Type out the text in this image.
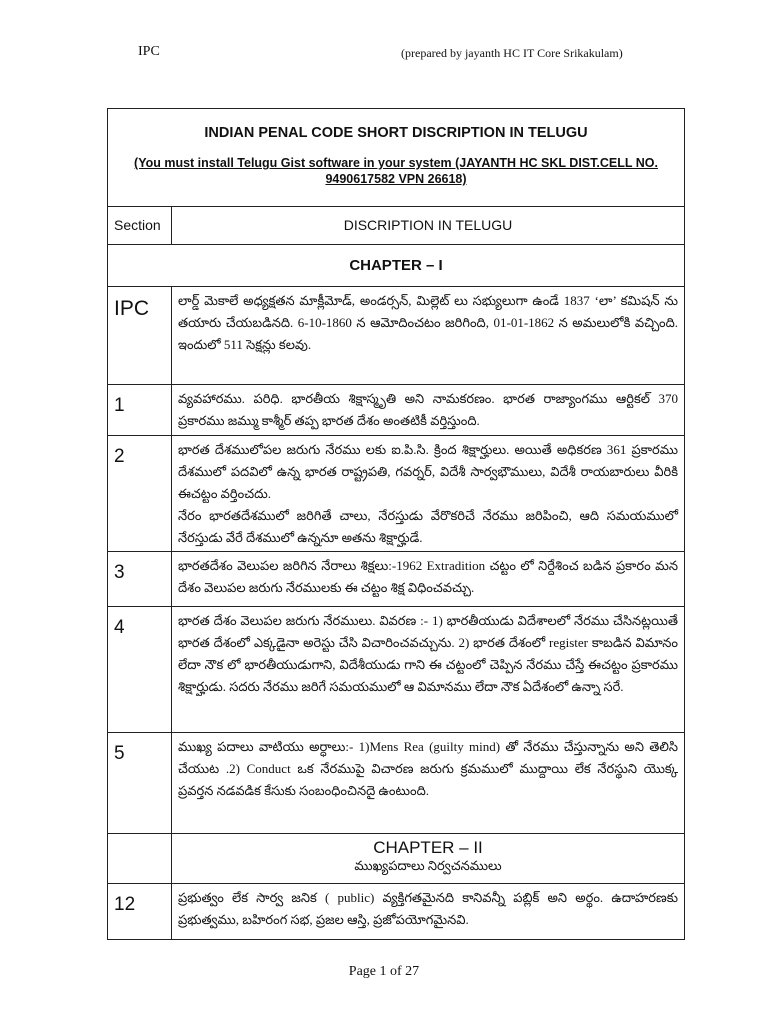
IPC	(prepared by jayanth HC IT Core Srikakulam)
INDIAN PENAL CODE SHORT DISCRIPTION IN TELUGU
(You must install Telugu Gist software in your system (JAYANTH HC SKL DIST.CELL NO. 9490617582 VPN 26618)	

Section	DISCRIPTION IN TELUGU

CHAPTER – I	

IPC	లార్డ్ మెకాలే అధ్యక్షతన మాక్లీమోడ్, అండర్సన్, మిల్లెట్ లు సభ్యులుగా ఉండే 1837 ‘లా’ కమిషన్ ను తయారు చేయబడినది. 6-10-1860 న ఆమోదించటం జరిగింది, 01-01-1862 న అమలులోకి వచ్చింది. ఇందులో 511 సెక్షన్లు కలవు.

1	వ్యవహారము. పరిధి. భారతీయ శిక్షాస్మృతి అని నామకరణం. భారత రాజ్యాంగము ఆర్టికల్ 370 ప్రకారము జమ్ము కాశ్మీర్ తప్ప భారత దేశం అంతటికీ వర్తిస్తుంది.

2	భారత దేశములోపల జరుగు నేరము లకు ఐ.పి.సి. క్రింద శిక్షార్హులు. అయితే అధికరణ 361 ప్రకారము దేశములో పదవిలో ఉన్న భారత రాష్ట్రపతి, గవర్నర్, విదేశీ సార్వభౌములు, విదేశీ రాయబారులు వీరికి ఈచట్టం వర్తించదు.

నేరం భారతదేశములో జరిగితే చాలు, నేరస్తుడు వేరొకరిచే నేరము జరిపించి, ఆది సమయములో నేరస్తుడు వేరే దేశములో ఉన్ననూ అతను శిక్షార్హుడే.

3	భారతదేశం వెలుపల జరిగిన నేరాలు శిక్షలు:-1962 Extradition చట్టం లో నిర్దేశించ బడిన ప్రకారం మన దేశం వెలుపల జరుగు నేరములకు ఈ చట్టం శిక్ష విధించవచ్చు.

4	భారత దేశం వెలుపల జరుగు నేరములు. వివరణ :- 1) భారతీయుడు విదేశాలలో నేరము చేసినట్లయితే భారత దేశంలో ఎక్కడైనా అరెస్టు చేసి విచారించవచ్చును. 2) భారత దేశంలో register కాబడిన విమానం లేదా నౌక లో భారతీయుడుగాని, విదేశీయుడు గాని ఈ చట్టంలో చెప్పిన నేరము చేస్తే ఈచట్టం ప్రకారము శిక్షార్హుడు. సదరు నేరము జరిగే సమయములో ఆ విమానము లేదా నౌక ఏదేశంలో ఉన్నా సరే.

5	ముఖ్య పదాలు వాటియు అర్ధాలు:- 1)Mens Rea (guilty mind) తో నేరము చేస్తున్నాను అని తెలిసి చేయుట .2) Conduct ఒక నేరముపై విచారణ జరుగు క్రమములో ముద్దాయి లేక నేరస్థుని యొక్క ప్రవర్తన నడవడిక కేసుకు సంబంధించినదై ఉంటుంది.

	CHAPTER – II
ముఖ్యపదాలు నిర్వచనములు

12	ప్రభుత్వం లేక సార్వ జనిక ( public) వ్యక్తిగతమైనది కానివన్నీ పబ్లిక్ అని అర్థం. ఉదాహరణకు ప్రభుత్వము, బహిరంగ సభ, ప్రజల ఆస్తి, ప్రజోపయోగమైనవి.

Page 1 of 27
